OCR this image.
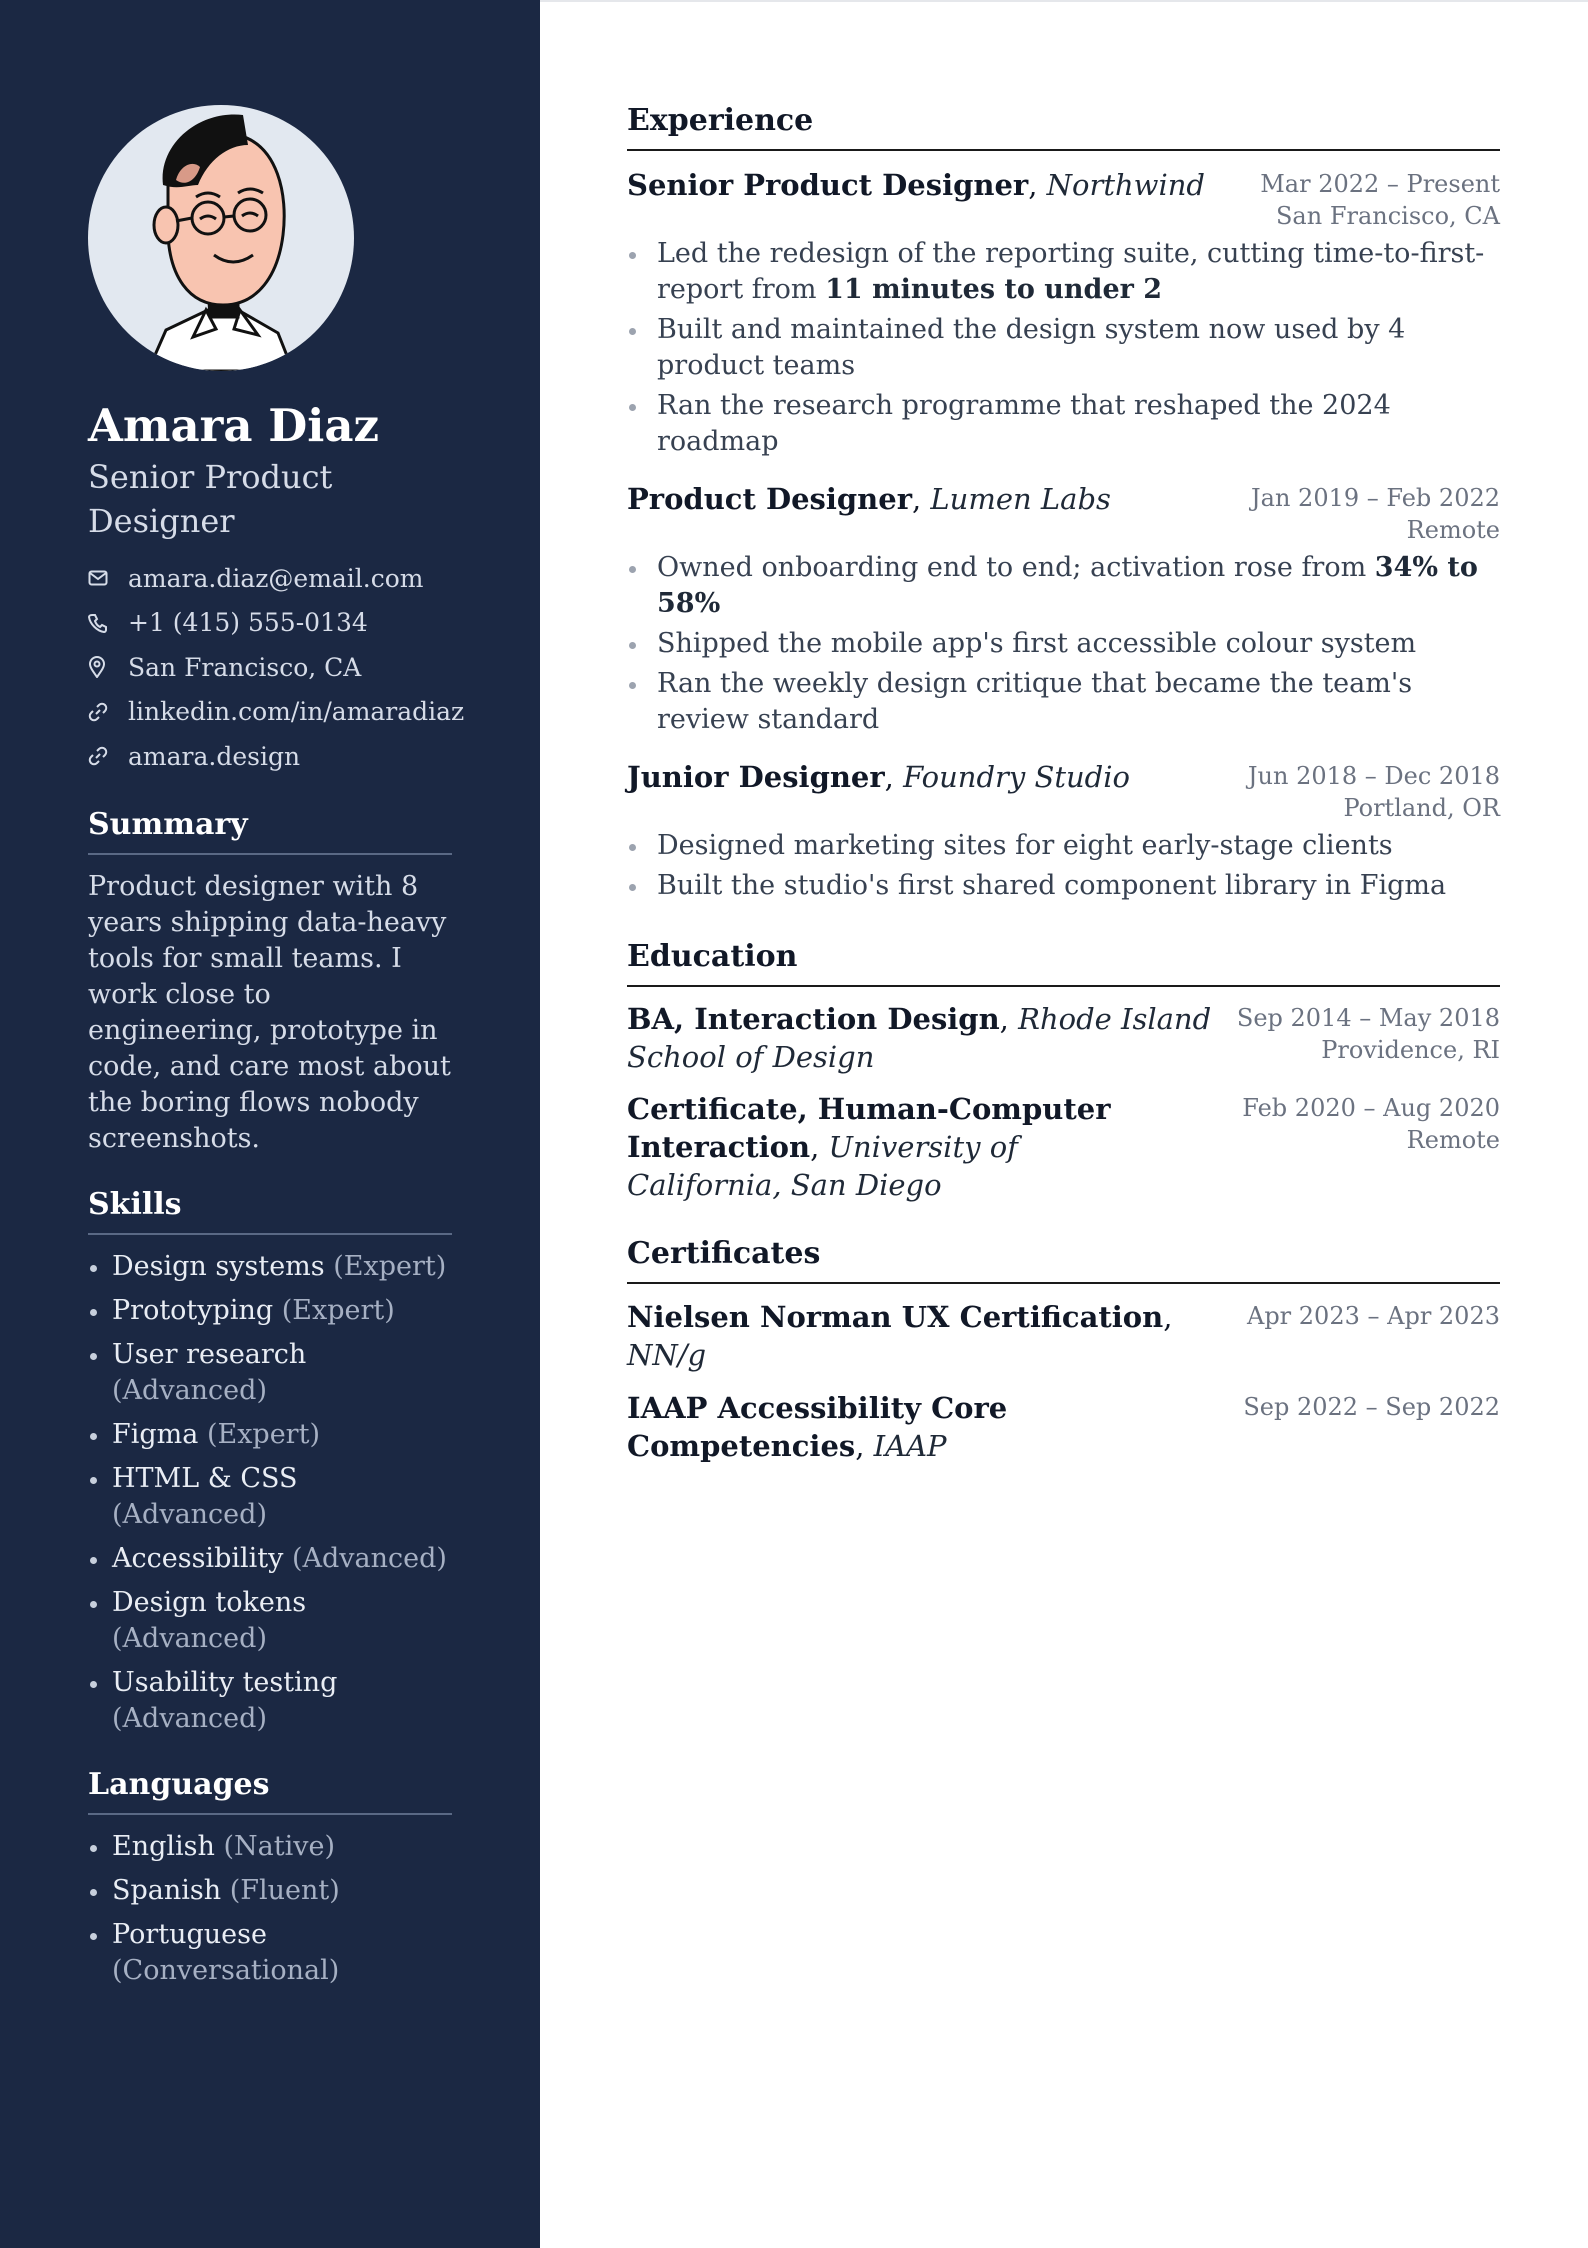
Amara Diaz
Senior Product Designer
amara.diaz@email.com
+1 (415) 555-0134
San Francisco, CA
linkedin.com/in/amaradiaz
amara.design
Summary
Product designer with 8 years shipping data-heavy tools for small teams. I work close to engineering, prototype in code, and care most about the boring flows nobody screenshots.
Skills
Design systems (Expert)
Prototyping (Expert)
User research (Advanced)
Figma (Expert)
HTML & CSS (Advanced)
Accessibility (Advanced)
Design tokens (Advanced)
Usability testing (Advanced)
Languages
English (Native)
Spanish (Fluent)
Portuguese (Conversational)
Experience
Senior Product Designer, Northwind	Mar 2022 – Present
San Francisco, CA
Led the redesign of the reporting suite, cutting time-to-first-report from 11 minutes to under 2
Built and maintained the design system now used by 4 product teams
Ran the research programme that reshaped the 2024 roadmap
Product Designer, Lumen Labs	Jan 2019 – Feb 2022
Remote
Owned onboarding end to end; activation rose from 34% to 58%
Shipped the mobile app's first accessible colour system
Ran the weekly design critique that became the team's review standard
Junior Designer, Foundry Studio	Jun 2018 – Dec 2018
Portland, OR
Designed marketing sites for eight early-stage clients
Built the studio's first shared component library in Figma
Education
BA, Interaction Design, Rhode Island School of Design
Sep 2014 – May 2018
Providence, RI
Certificate, Human-Computer Interaction, University of California, San Diego
Feb 2020 – Aug 2020
Remote
Certificates
Nielsen Norman UX Certification, NN/g
Apr 2023 – Apr 2023
IAAP Accessibility Core Competencies, IAAP
Sep 2022 – Sep 2022
